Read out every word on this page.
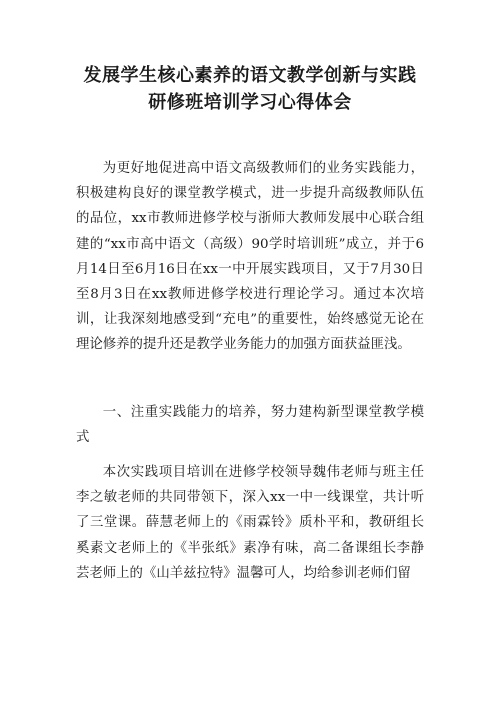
发展学生核心素养的语文教学创新与实践
研修班培训学习心得体会

为更好地促进高中语文高级教师们的业务实践能力，积极建构良好的课堂教学模式，进一步提升高级教师队伍的品位，xx市教师进修学校与浙师大教师发展中心联合组建的“xx市高中语文（高级）90学时培训班”成立，并于6月14日至6月16日在xx一中开展实践项目，又于7月30日至8月3日在xx教师进修学校进行理论学习。通过本次培训，让我深刻地感受到“充电”的重要性，始终感觉无论在理论修养的提升还是教学业务能力的加强方面获益匪浅。

一、注重实践能力的培养，努力建构新型课堂教学模式

本次实践项目培训在进修学校领导魏伟老师与班主任李之敏老师的共同带领下，深入xx一中一线课堂，共计听了三堂课。薛慧老师上的《雨霖铃》质朴平和，教研组长奚素文老师上的《半张纸》素净有味，高二备课组长李静芸老师上的《山羊兹拉特》温馨可人，均给参训老师们留
